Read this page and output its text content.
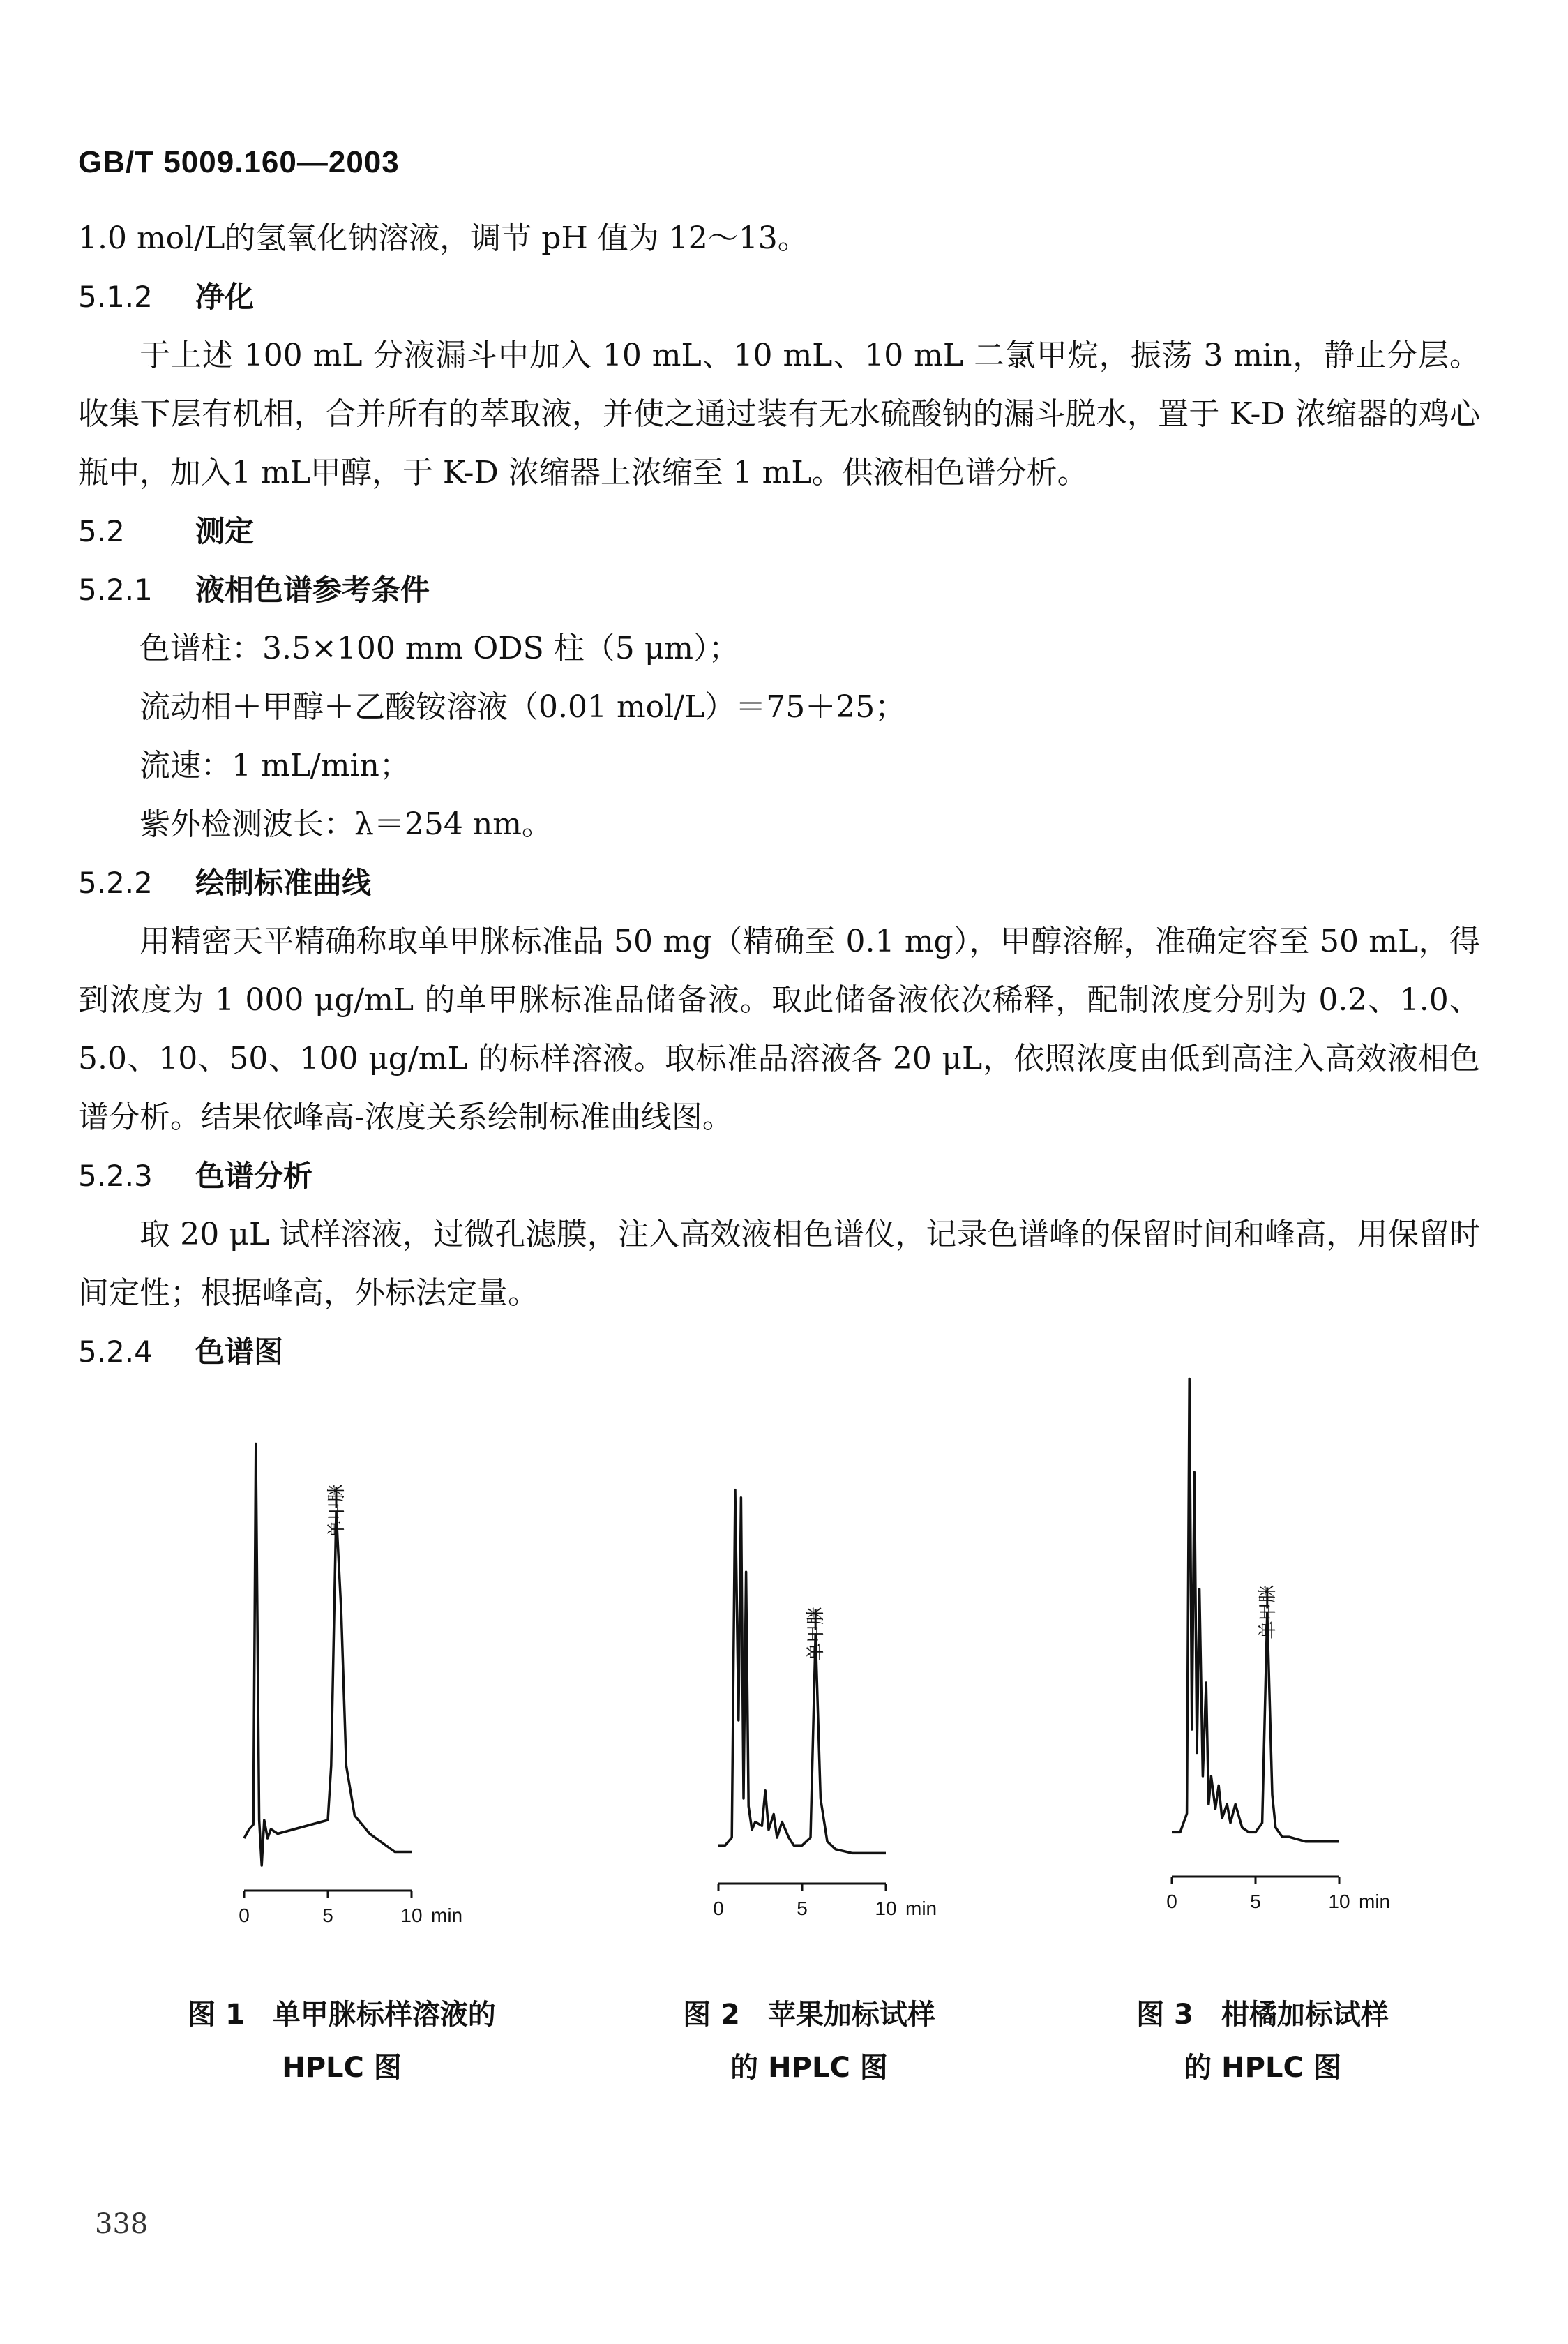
GB/T 5009.160—2003

1.0 mol/L的氢氧化钠溶液，调节 pH 值为 12～13。

5.1.2 净化

于上述 100 mL 分液漏斗中加入 10 mL、10 mL、10 mL 二氯甲烷，振荡 3 min，静止分层。收集下层有机相，合并所有的萃取液，并使之通过装有无水硫酸钠的漏斗脱水，置于 K-D 浓缩器的鸡心瓶中，加入1 mL甲醇，于 K-D 浓缩器上浓缩至 1 mL。供液相色谱分析。

5.2 测定

5.2.1 液相色谱参考条件

色谱柱：3.5×100 mm ODS 柱（5 μm）；

流动相＋甲醇＋乙酸铵溶液（0.01 mol/L）＝75＋25；

流速：1 mL/min；

紫外检测波长：λ＝254 nm。

5.2.2 绘制标准曲线

用精密天平精确称取单甲脒标准品 50 mg（精确至 0.1 mg），甲醇溶解，准确定容至 50 mL，得到浓度为 1 000 μg/mL 的单甲脒标准品储备液。取此储备液依次稀释，配制浓度分别为 0.2、1.0、5.0、10、50、100 μg/mL 的标样溶液。取标准品溶液各 20 μL，依照浓度由低到高注入高效液相色谱分析。结果依峰高-浓度关系绘制标准曲线图。

5.2.3 色谱分析

取 20 μL 试样溶液，过微孔滤膜，注入高效液相色谱仪，记录色谱峰的保留时间和峰高，用保留时间定性；根据峰高，外标法定量。

5.2.4 色谱图

0	5	10 min
单甲脒
0	5	10 min
单甲脒
0	5	10 min
单甲脒
图 1　单甲脒标样溶液的
HPLC 图
图 2　苹果加标试样
的 HPLC 图
图 3　柑橘加标试样
的 HPLC 图
338
